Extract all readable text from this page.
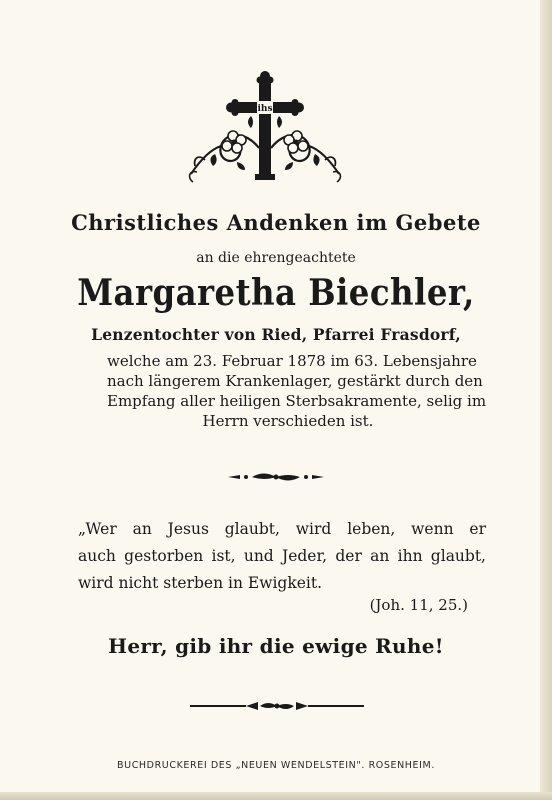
ihs
Christliches Andenken im Gebete
an die ehrengeachtete
Margaretha Biechler,
Lenzentochter von Ried, Pfarrei Frasdorf,
welche am 23. Februar 1878 im 63. Lebensjahre
nach längerem Krankenlager, gestärkt durch den
Empfang aller heiligen Sterbsakramente, selig im
Herrn verschieden ist.
„Wer an Jesus glaubt, wird leben, wenn er
auch gestorben ist, und Jeder, der an ihn glaubt,
wird nicht sterben in Ewigkeit.
(Joh. 11, 25.)
Herr, gib ihr die ewige Ruhe!
BUCHDRUCKEREI DES „NEUEN WENDELSTEIN". ROSENHEIM.
